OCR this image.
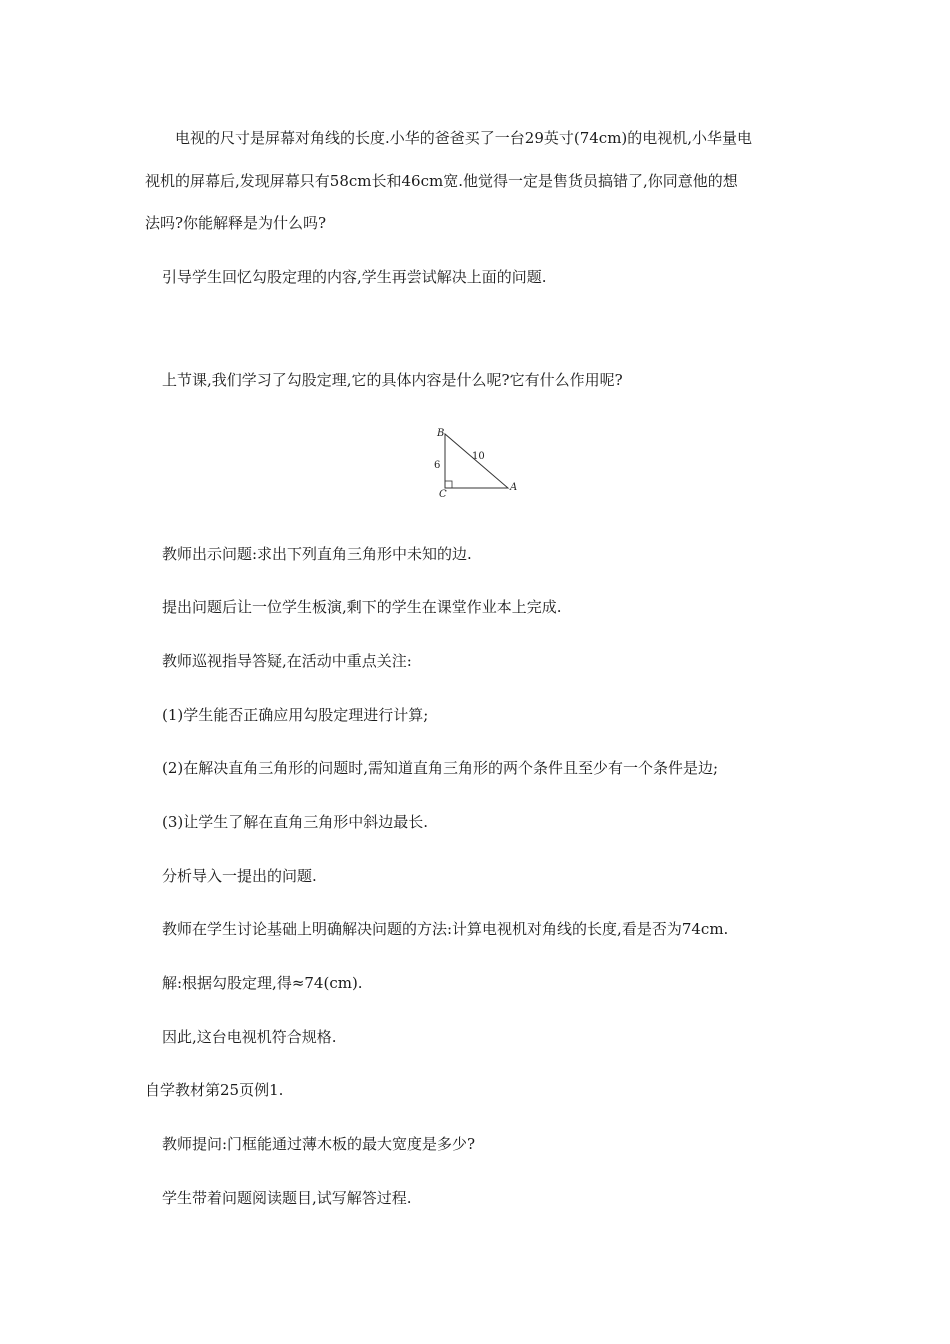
电视的尺寸是屏幕对角线的长度.小华的爸爸买了一台29英寸(74cm)的电视机,小华量电

视机的屏幕后,发现屏幕只有58cm长和46cm宽.他觉得一定是售货员搞错了,你同意他的想

法吗?你能解释是为什么吗?

引导学生回忆勾股定理的内容,学生再尝试解决上面的问题.

上节课,我们学习了勾股定理,它的具体内容是什么呢?它有什么作用呢?

B
C
A
6
10

教师出示问题:求出下列直角三角形中未知的边.

提出问题后让一位学生板演,剩下的学生在课堂作业本上完成.

教师巡视指导答疑,在活动中重点关注:

(1)学生能否正确应用勾股定理进行计算;

(2)在解决直角三角形的问题时,需知道直角三角形的两个条件且至少有一个条件是边;

(3)让学生了解在直角三角形中斜边最长.

分析导入一提出的问题.

教师在学生讨论基础上明确解决问题的方法:计算电视机对角线的长度,看是否为74cm.

解:根据勾股定理,得≈74(cm).

因此,这台电视机符合规格.

自学教材第25页例1.

教师提问:门框能通过薄木板的最大宽度是多少?

学生带着问题阅读题目,试写解答过程.
